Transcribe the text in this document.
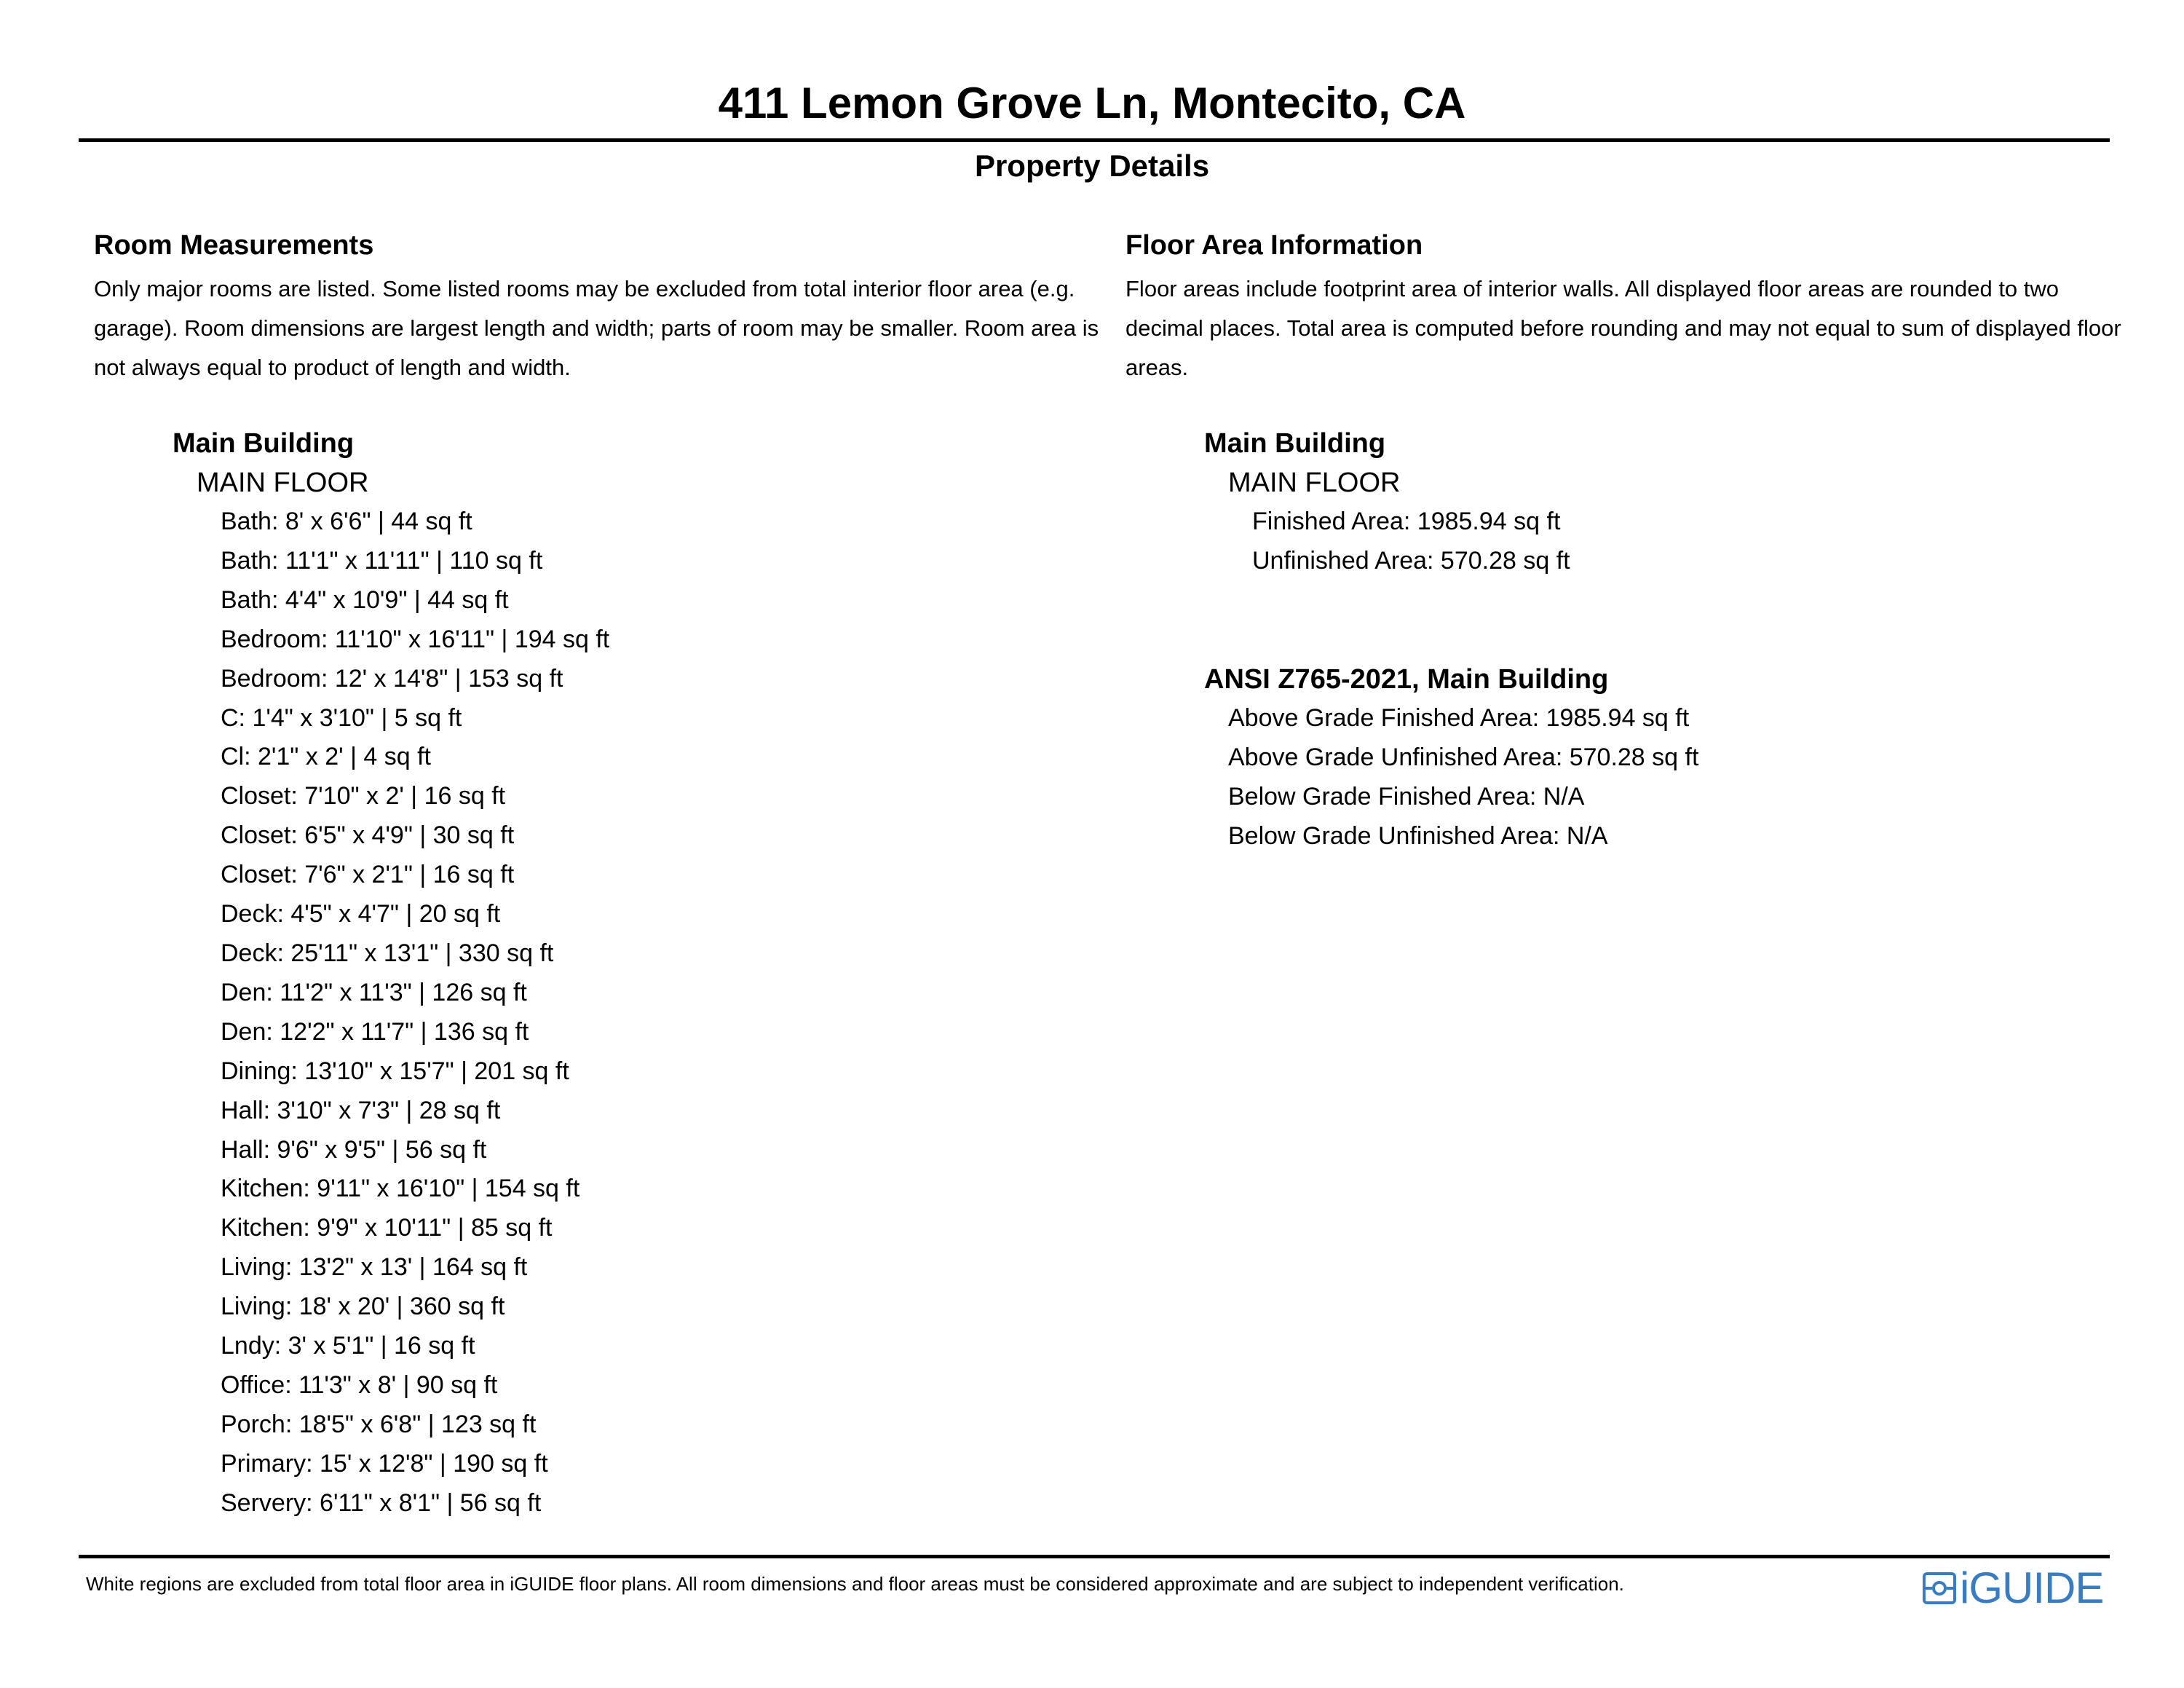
411 Lemon Grove Ln, Montecito, CA
Property Details
Room Measurements

Only major rooms are listed. Some listed rooms may be excluded from total interior floor area (e.g. garage). Room dimensions are largest length and width; parts of room may be smaller. Room area is not always equal to product of length and width.

Floor Area Information

Floor areas include footprint area of interior walls. All displayed floor areas are rounded to two decimal places. Total area is computed before rounding and may not equal to sum of displayed floor areas.

Main Building
MAIN FLOOR
Bath: 8' x 6'6" | 44 sq ft
Bath: 11'1" x 11'11" | 110 sq ft
Bath: 4'4" x 10'9" | 44 sq ft
Bedroom: 11'10" x 16'11" | 194 sq ft
Bedroom: 12' x 14'8" | 153 sq ft
C: 1'4" x 3'10" | 5 sq ft
Cl: 2'1" x 2' | 4 sq ft
Closet: 7'10" x 2' | 16 sq ft
Closet: 6'5" x 4'9" | 30 sq ft
Closet: 7'6" x 2'1" | 16 sq ft
Deck: 4'5" x 4'7" | 20 sq ft
Deck: 25'11" x 13'1" | 330 sq ft
Den: 11'2" x 11'3" | 126 sq ft
Den: 12'2" x 11'7" | 136 sq ft
Dining: 13'10" x 15'7" | 201 sq ft
Hall: 3'10" x 7'3" | 28 sq ft
Hall: 9'6" x 9'5" | 56 sq ft
Kitchen: 9'11" x 16'10" | 154 sq ft
Kitchen: 9'9" x 10'11" | 85 sq ft
Living: 13'2" x 13' | 164 sq ft
Living: 18' x 20' | 360 sq ft
Lndy: 3' x 5'1" | 16 sq ft
Office: 11'3" x 8' | 90 sq ft
Porch: 18'5" x 6'8" | 123 sq ft
Primary: 15' x 12'8" | 190 sq ft
Servery: 6'11" x 8'1" | 56 sq ft
Main Building
MAIN FLOOR
Finished Area: 1985.94 sq ft
Unfinished Area: 570.28 sq ft
ANSI Z765-2021, Main Building
Above Grade Finished Area: 1985.94 sq ft
Above Grade Unfinished Area: 570.28 sq ft
Below Grade Finished Area: N/A
Below Grade Unfinished Area: N/A
White regions are excluded from total floor area in iGUIDE floor plans. All room dimensions and floor areas must be considered approximate and are subject to independent verification.	iGUIDE
